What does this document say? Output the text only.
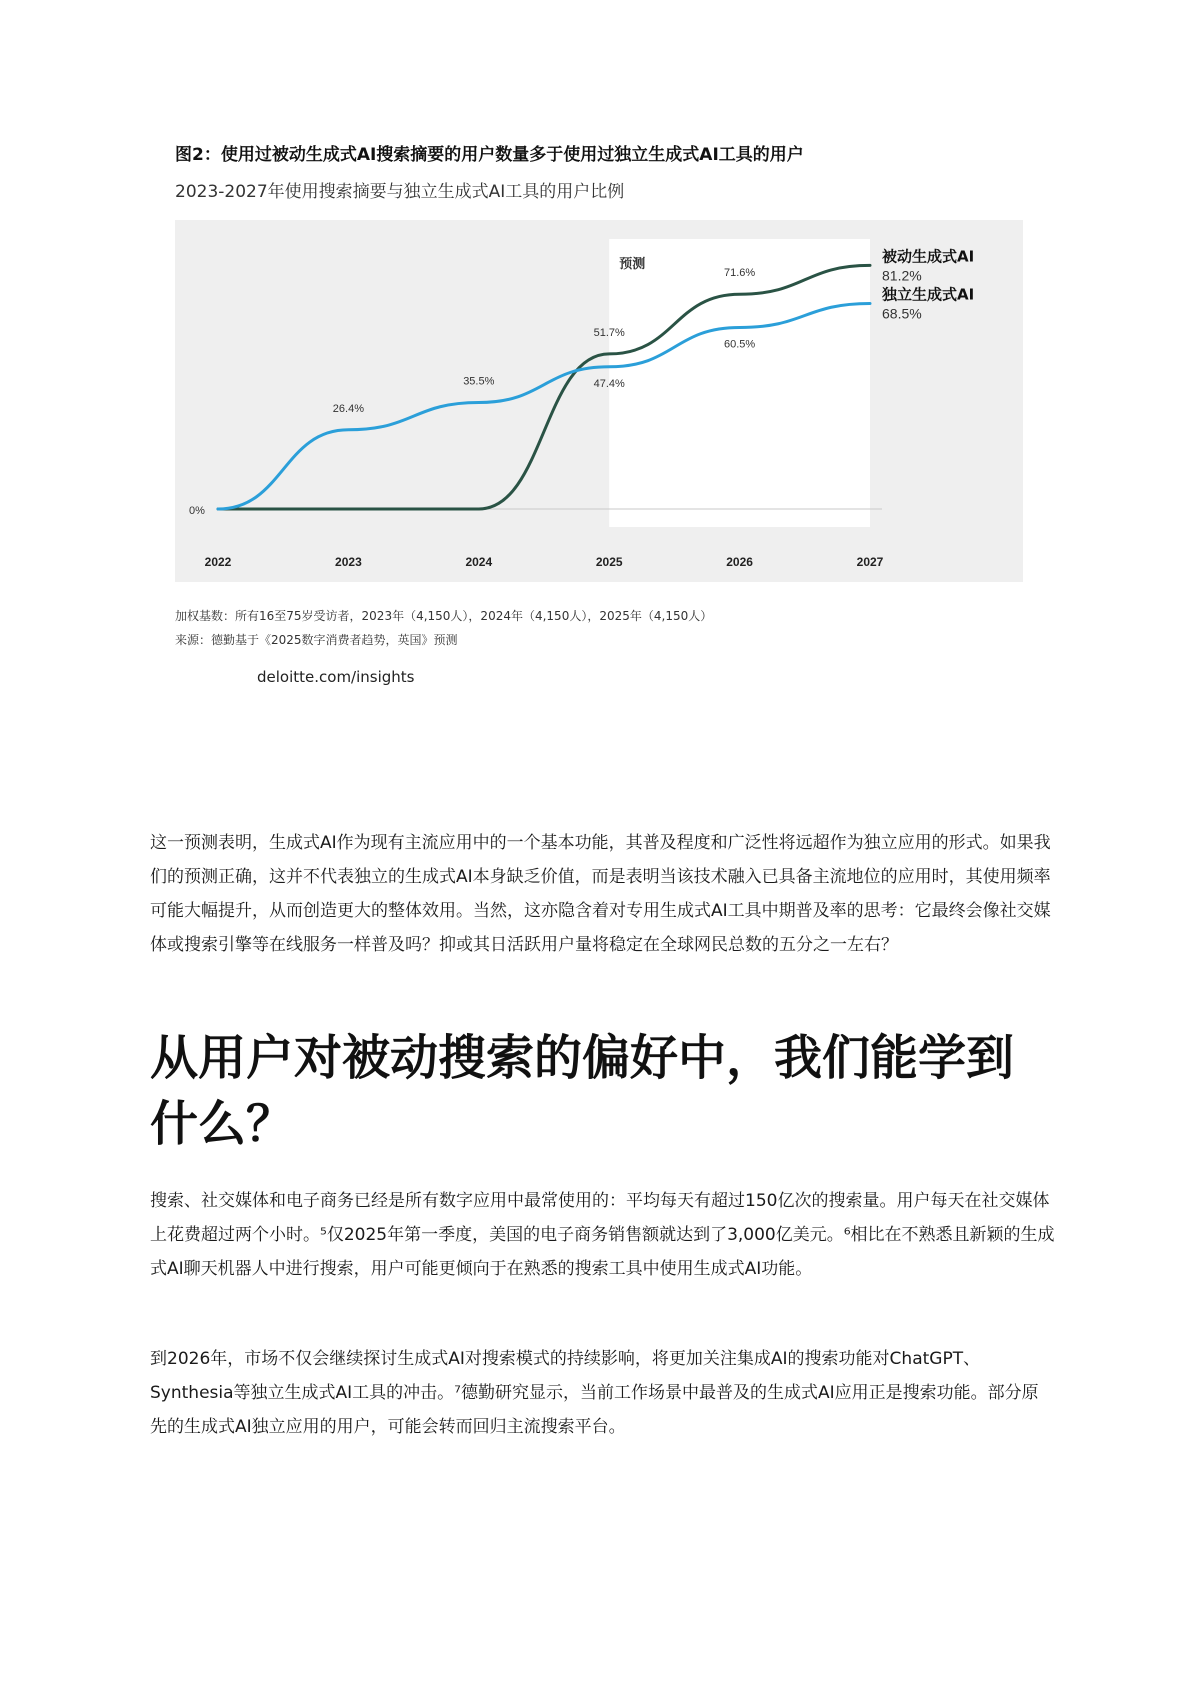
图2：使用过被动生成式AI搜索摘要的用户数量多于使用过独立生成式AI工具的用户
2023-2027年使用搜索摘要与独立生成式AI工具的用户比例
预测
0%
2022	2023	2024	2025	2026	2027
51.7%
71.6%
26.4%
35.5%	47.4%
60.5%
被动生成式AI
81.2%
独立生成式AI
68.5%
加权基数：所有16至75岁受访者，2023年（4,150人），2024年（4,150人），2025年（4,150人）
来源：德勤基于《2025数字消费者趋势，英国》预测
deloitte.com/insights

这一预测表明，生成式AI作为现有主流应用中的一个基本功能，其普及程度和广泛性将远超作为独立应用的形式。如果我们的预测正确，这并不代表独立的生成式AI本身缺乏价值，而是表明当该技术融入已具备主流地位的应用时，其使用频率可能大幅提升，从而创造更大的整体效用。当然，这亦隐含着对专用生成式AI工具中期普及率的思考：它最终会像社交媒体或搜索引擎等在线服务一样普及吗？抑或其日活跃用户量将稳定在全球网民总数的五分之一左右？

从用户对被动搜索的偏好中，我们能学到什么？

搜索、社交媒体和电子商务已经是所有数字应用中最常使用的：平均每天有超过150亿次的搜索量。用户每天在社交媒体上花费超过两个小时。⁵仅2025年第一季度，美国的电子商务销售额就达到了3,000亿美元。⁶相比在不熟悉且新颖的生成式AI聊天机器人中进行搜索，用户可能更倾向于在熟悉的搜索工具中使用生成式AI功能。

到2026年，市场不仅会继续探讨生成式AI对搜索模式的持续影响，将更加关注集成AI的搜索功能对ChatGPT、Synthesia等独立生成式AI工具的冲击。⁷德勤研究显示，当前工作场景中最普及的生成式AI应用正是搜索功能。部分原先的生成式AI独立应用的用户，可能会转而回归主流搜索平台。
